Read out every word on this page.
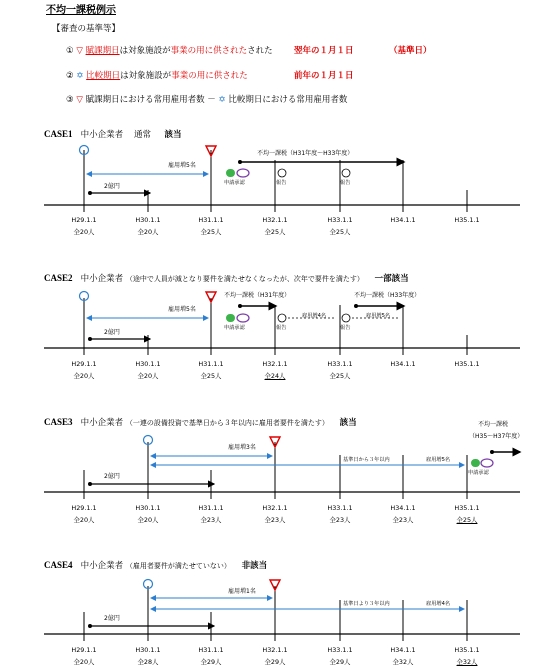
不均一課税例示
【審査の基準等】
① ▽ 賦課期日は対象施設が事業の用に供されたされた
② ✡ 比較期日は対象施設が事業の用に供された
③ ▽ 賦課期日における常用雇用者数 － ✡ 比較期日における常用雇用者数
翌年の１月１日	（基準日）
前年の１月１日
CASE1 中小企業者 通常 該当
CASE2 中小企業者 （途中で人員が減となり要件を満たせなくなったが、次年で要件を満たす） 一部該当
CASE3 中小企業者 （一連の設備投資で基準日から３年以内に雇用者要件を満たす） 該当
CASE4 中小企業者 （雇用者要件が満たせていない） 非該当
雇用増5名
2億円
不均一課税（H31年度～H33年度）
申請承認	報告	報告
雇用増5名
2億円
不均一課税（H31年度）	不均一課税（H33年度）
雇用増4名	雇用増5名
申請承認	報告	報告
雇用増3名
2億円
基準日から３年以内	雇用増5名
不均一課税
（H35～H37年度）
申請承認
雇用増1名
2億円
基準日より３年以内	雇用増4名
H29.1.1	H30.1.1	H31.1.1	H32.1.1	H33.1.1	H34.1.1	H35.1.1
全20人	全20人	全25人	全25人	全25人
H29.1.1	H30.1.1	H31.1.1	H32.1.1	H33.1.1	H34.1.1	H35.1.1
全20人	全20人	全25人	全24人	全25人
H29.1.1	H30.1.1	H31.1.1	H32.1.1	H33.1.1	H34.1.1	H35.1.1
全20人	全20人	全23人	全23人	全23人	全23人	全25人
H29.1.1	H30.1.1	H31.1.1	H32.1.1	H33.1.1	H34.1.1	H35.1.1
全20人	全28人	全29人	全29人	全29人	全32人	全32人
